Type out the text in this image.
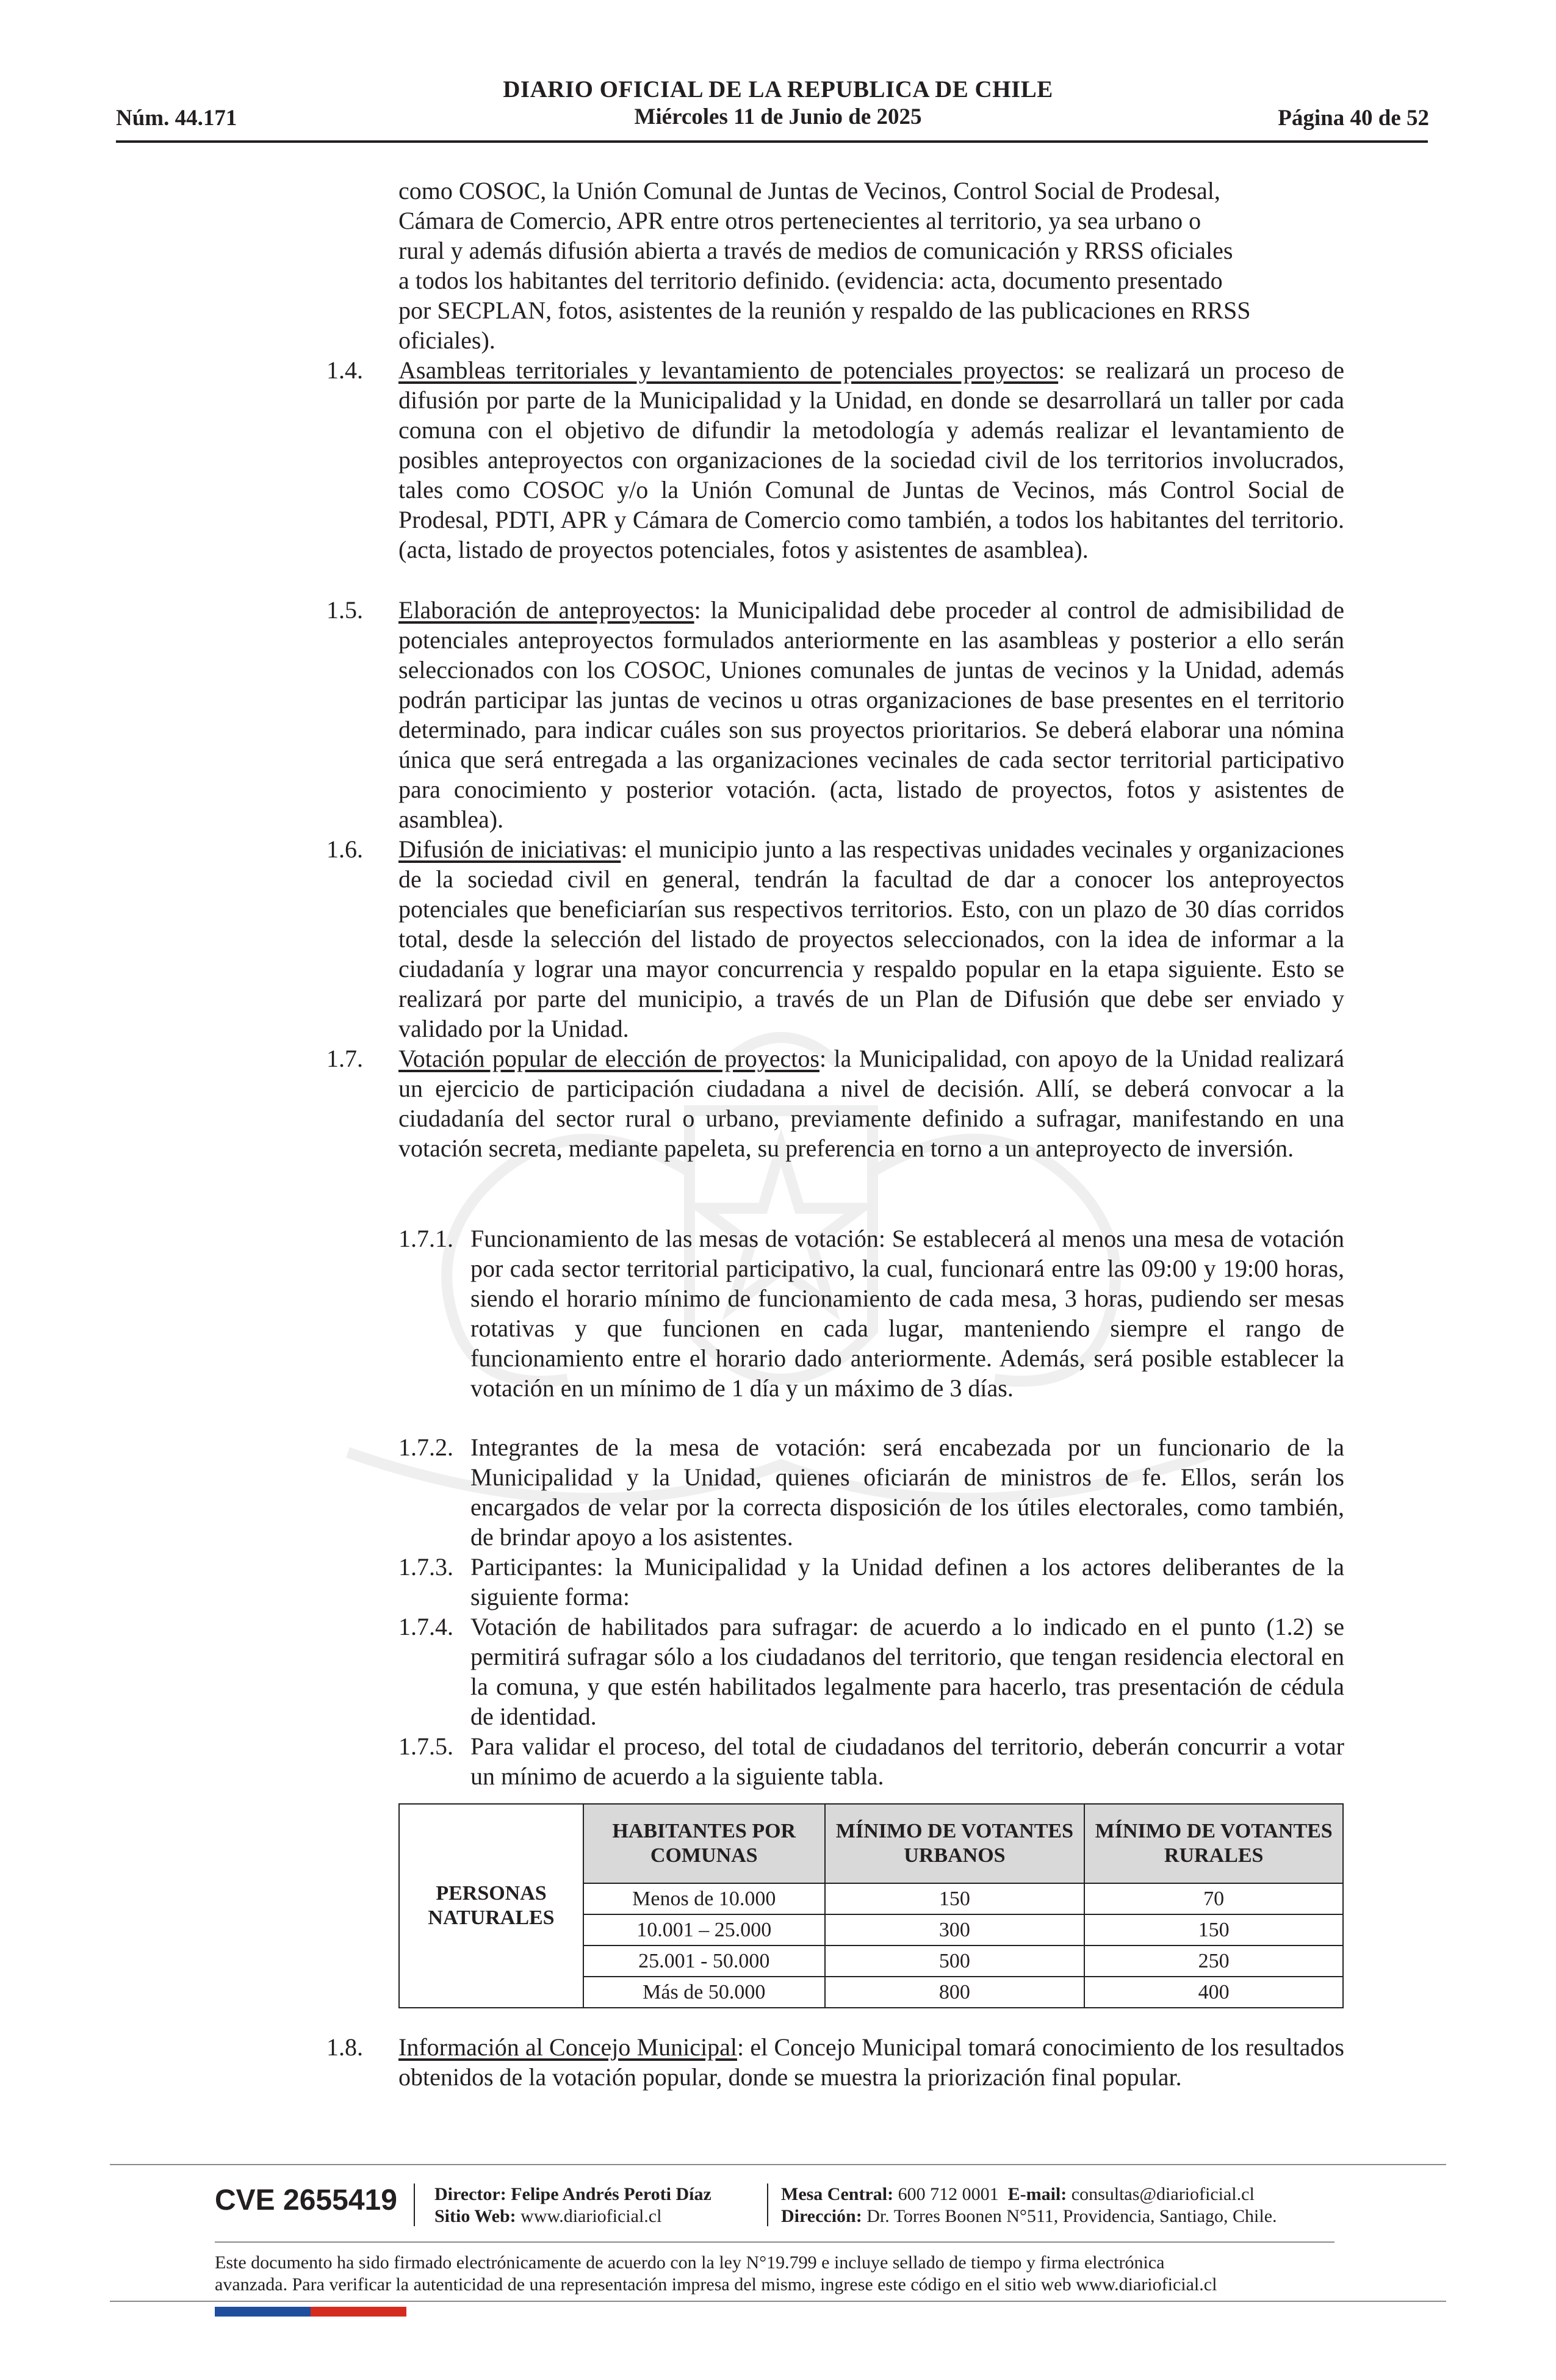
DIARIO OFICIAL DE LA REPUBLICA DE CHILE
Miércoles 11 de Junio de 2025
Núm. 44.171	Página 40 de 52
como COSOC, la Unión Comunal de Juntas de Vecinos, Control Social de Prodesal,
Cámara de Comercio, APR entre otros pertenecientes al territorio, ya sea urbano o
rural y además difusión abierta a través de medios de comunicación y RRSS oficiales
a todos los habitantes del territorio definido. (evidencia: acta, documento presentado
por SECPLAN, fotos, asistentes de la reunión y respaldo de las publicaciones en RRSS
oficiales).
1.4. Asambleas territoriales y levantamiento de potenciales proyectos: se realizará un proceso de difusión por parte de la Municipalidad y la Unidad, en donde se desarrollará un taller por cada comuna con el objetivo de difundir la metodología y además realizar el levantamiento de posibles anteproyectos con organizaciones de la sociedad civil de los territorios involucrados, tales como COSOC y/o la Unión Comunal de Juntas de Vecinos, más Control Social de Prodesal, PDTI, APR y Cámara de Comercio como también, a todos los habitantes del territorio. (acta, listado de proyectos potenciales, fotos y asistentes de asamblea).
1.5. Elaboración de anteproyectos: la Municipalidad debe proceder al control de admisibilidad de potenciales anteproyectos formulados anteriormente en las asambleas y posterior a ello serán seleccionados con los COSOC, Uniones comunales de juntas de vecinos y la Unidad, además podrán participar las juntas de vecinos u otras organizaciones de base presentes en el territorio determinado, para indicar cuáles son sus proyectos prioritarios. Se deberá elaborar una nómina única que será entregada a las organizaciones vecinales de cada sector territorial participativo para conocimiento y posterior votación. (acta, listado de proyectos, fotos y asistentes de asamblea).
1.6. Difusión de iniciativas: el municipio junto a las respectivas unidades vecinales y organizaciones de la sociedad civil en general, tendrán la facultad de dar a conocer los anteproyectos potenciales que beneficiarían sus respectivos territorios. Esto, con un plazo de 30 días corridos total, desde la selección del listado de proyectos seleccionados, con la idea de informar a la ciudadanía y lograr una mayor concurrencia y respaldo popular en la etapa siguiente. Esto se realizará por parte del municipio, a través de un Plan de Difusión que debe ser enviado y validado por la Unidad.
1.7. Votación popular de elección de proyectos: la Municipalidad, con apoyo de la Unidad realizará un ejercicio de participación ciudadana a nivel de decisión. Allí, se deberá convocar a la ciudadanía del sector rural o urbano, previamente definido a sufragar, manifestando en una votación secreta, mediante papeleta, su preferencia en torno a un anteproyecto de inversión.
1.7.1. Funcionamiento de las mesas de votación: Se establecerá al menos una mesa de votación por cada sector territorial participativo, la cual, funcionará entre las 09:00 y 19:00 horas, siendo el horario mínimo de funcionamiento de cada mesa, 3 horas, pudiendo ser mesas rotativas y que funcionen en cada lugar, manteniendo siempre el rango de funcionamiento entre el horario dado anteriormente. Además, será posible establecer la votación en un mínimo de 1 día y un máximo de 3 días.
1.7.2. Integrantes de la mesa de votación: será encabezada por un funcionario de la Municipalidad y la Unidad, quienes oficiarán de ministros de fe. Ellos, serán los encargados de velar por la correcta disposición de los útiles electorales, como también, de brindar apoyo a los asistentes.
1.7.3. Participantes: la Municipalidad y la Unidad definen a los actores deliberantes de la siguiente forma:
1.7.4. Votación de habilitados para sufragar: de acuerdo a lo indicado en el punto (1.2) se permitirá sufragar sólo a los ciudadanos del territorio, que tengan residencia electoral en la comuna, y que estén habilitados legalmente para hacerlo, tras presentación de cédula de identidad.
1.7.5. Para validar el proceso, del total de ciudadanos del territorio, deberán concurrir a votar un mínimo de acuerdo a la siguiente tabla.
PERSONAS NATURALES	HABITANTES POR COMUNAS	MÍNIMO DE VOTANTES URBANOS	MÍNIMO DE VOTANTES RURALES
	Menos de 10.000	150	70
	10.001 – 25.000	300	150
	25.001 - 50.000	500	250
	Más de 50.000	800	400
1.8. Información al Concejo Municipal: el Concejo Municipal tomará conocimiento de los resultados obtenidos de la votación popular, donde se muestra la priorización final popular.
CVE 2655419 Director: Felipe Andrés Peroti Díaz
Sitio Web: www.diarioficial.cl
Mesa Central: 600 712 0001 E-mail: consultas@diarioficial.cl
Dirección: Dr. Torres Boonen N°511, Providencia, Santiago, Chile.
Este documento ha sido firmado electrónicamente de acuerdo con la ley N°19.799 e incluye sellado de tiempo y firma electrónica
avanzada. Para verificar la autenticidad de una representación impresa del mismo, ingrese este código en el sitio web www.diarioficial.cl
